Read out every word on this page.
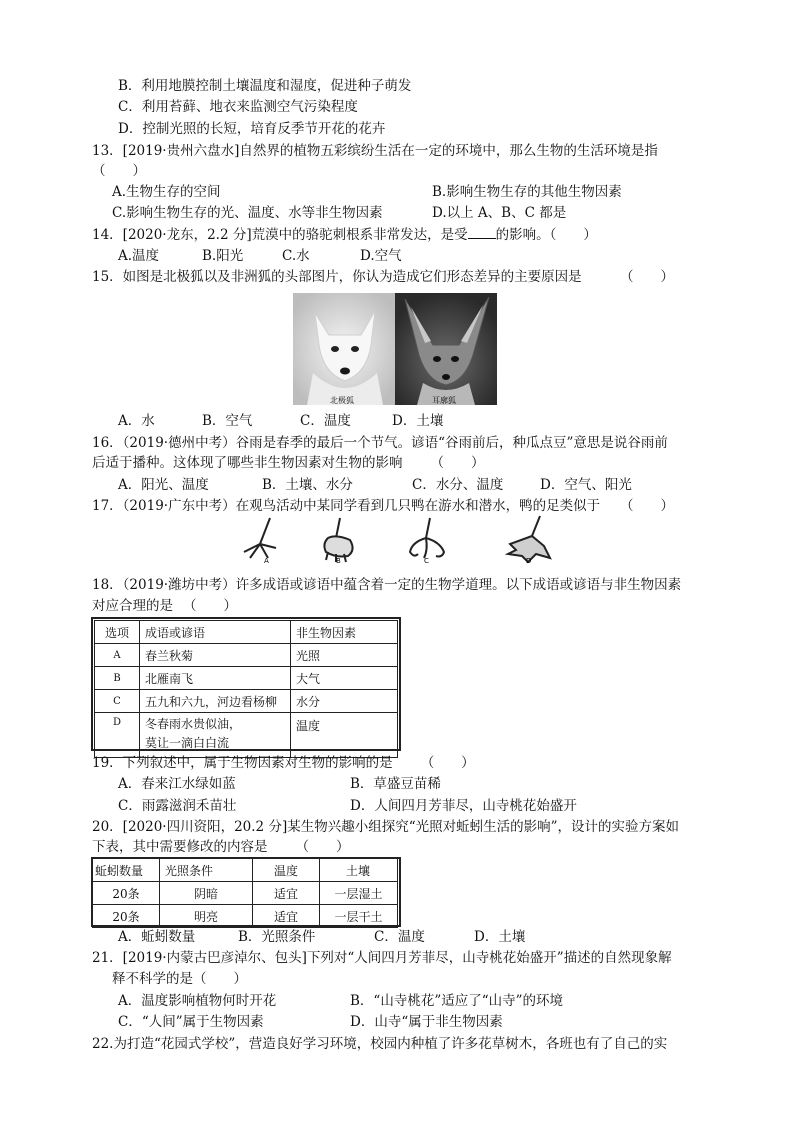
B．利用地膜控制土壤温度和湿度，促进种子萌发
C．利用苔藓、地衣来监测空气污染程度
D．控制光照的长短，培育反季节开花的花卉
13．[2019·贵州六盘水]自然界的植物五彩缤纷生活在一定的环境中，那么生物的生活环境是指
（　　）
A.生物生存的空间	B.影响生物生存的其他生物因素
C.影响生物生存的光、温度、水等非生物因素	D.以上 A、B、C 都是
14．[2020·龙东，2.2 分]荒漠中的骆驼刺根系非常发达，是受 的影响。（　　）
A.温度	B.阳光	C.水	D.空气
15．如图是北极狐以及非洲狐的头部图片，你认为造成它们形态差异的主要原因是	（　　）
北极狐	耳廓狐
A．水	B．空气	C．温度	D．土壤
16．（2019·德州中考）谷雨是春季的最后一个节气。谚语“谷雨前后，种瓜点豆”意思是说谷雨前
后适于播种。这体现了哪些非生物因素对生物的影响 （　　）
A．阳光、温度	B．土壤、水分	C．水分、温度	D．空气、阳光
17．（2019·广东中考）在观鸟活动中某同学看到几只鸭在游水和潜水，鸭的足类似于 （　　）
A	B	C	D
18．（2019·潍坊中考）许多成语或谚语中蕴含着一定的生物学道理。以下成语或谚语与非生物因素
对应合理的是 （　　）
选项	成语或谚语	非生物因素
A	春兰秋菊	光照
B	北雁南飞	大气
C	五九和六九，河边看杨柳	水分
D	冬春雨水贵似油，
莫让一滴白白流	温度
19．下列叙述中，属于生物因素对生物的影响的是 （　　）
A．春来江水绿如蓝	B．草盛豆苗稀
C．雨露滋润禾苗壮	D．人间四月芳菲尽，山寺桃花始盛开
20．[2020·四川资阳，20.2 分]某生物兴趣小组探究“光照对蚯蚓生活的影响”，设计的实验方案如
下表，其中需要修改的内容是 （　　）
蚯蚓数量	光照条件	温度	土壤
20条	阴暗	适宜	一层湿土
20条	明亮	适宜	一层干土
A．蚯蚓数量	B．光照条件	C．温度	D．土壤
21．[2019·内蒙古巴彦淖尔、包头]下列对“人间四月芳菲尽，山寺桃花始盛开”描述的自然现象解
释不科学的是（　　）
A．温度影响植物何时开花	B．“山寺桃花”适应了“山寺”的环境
C．“人间”属于生物因素	D．山寺“属于非生物因素
22.为打造“花园式学校”，营造良好学习环境，校园内种植了许多花草树木，各班也有了自己的实
